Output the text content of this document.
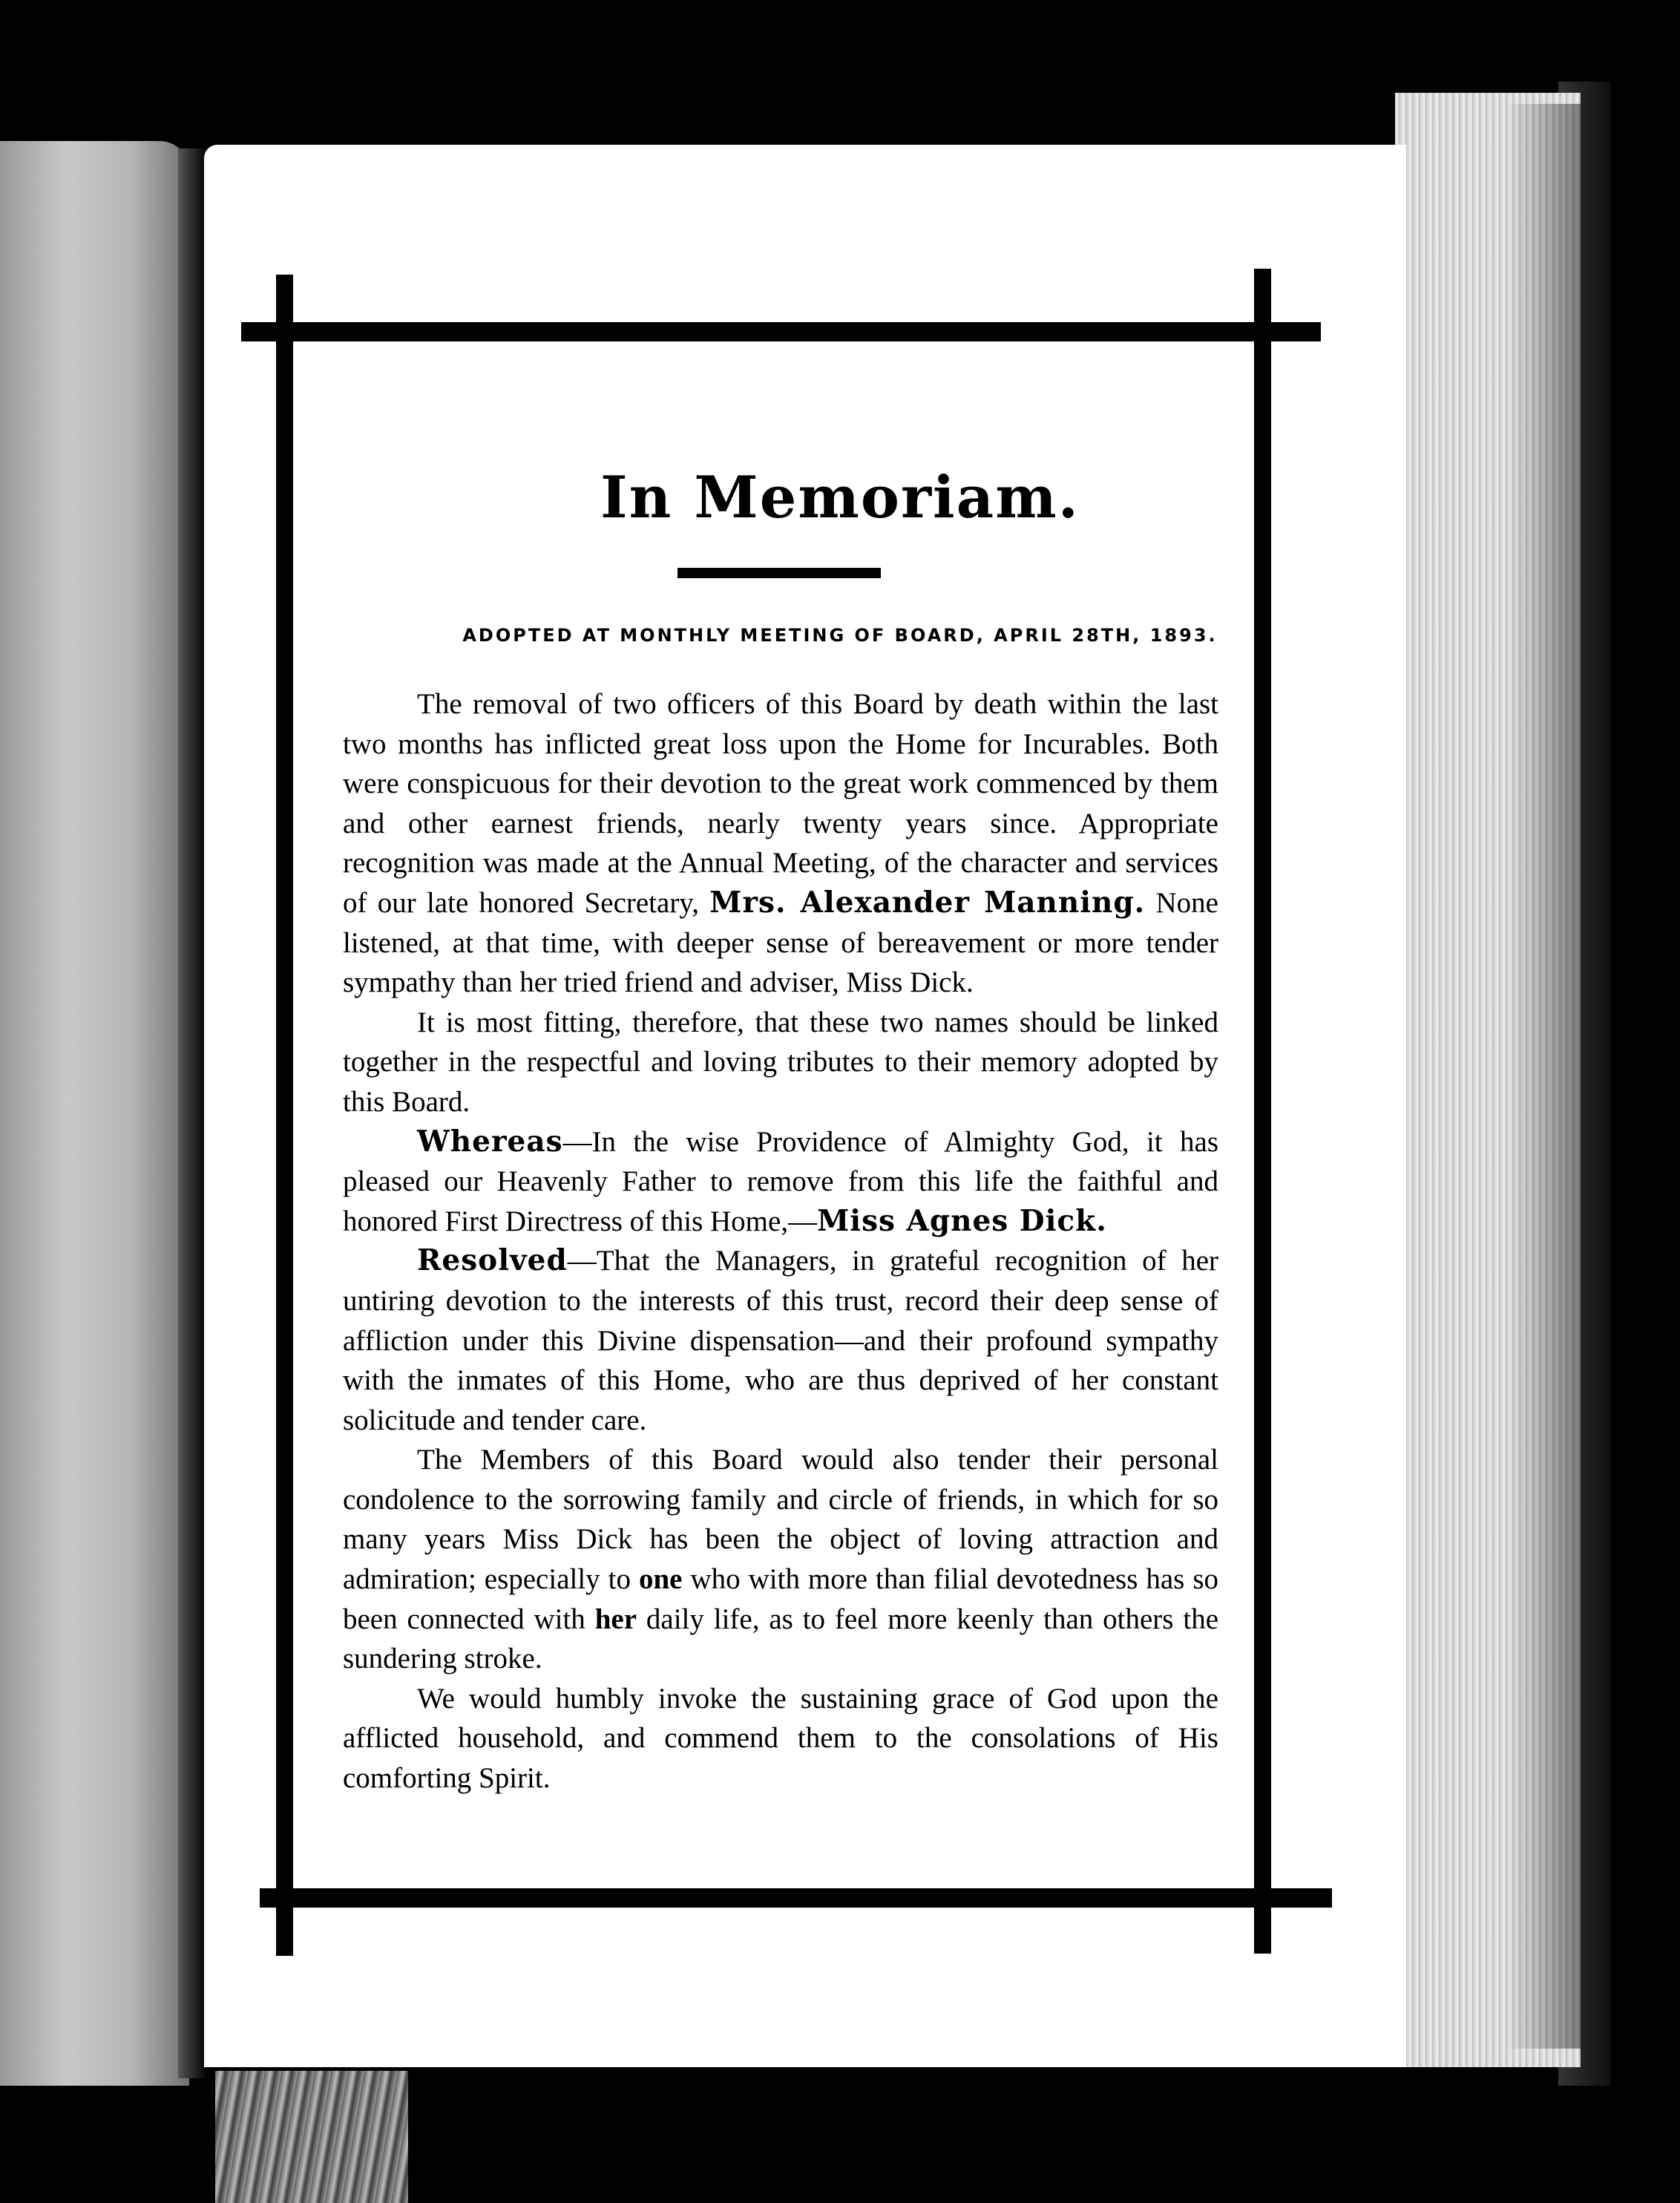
In Memoriam.
ADOPTED AT MONTHLY MEETING OF BOARD, APRIL 28TH, 1893.

The removal of two officers of this Board by death within the last two months has inflicted great loss upon the Home for Incurables. Both were conspicuous for their devotion to the great work commenced by them and other earnest friends, nearly twenty years since. Appropriate recognition was made at the Annual Meeting, of the character and services of our late honored Secretary, Mrs. Alexander Manning. None listened, at that time, with deeper sense of bereavement or more tender sympathy than her tried friend and adviser, Miss Dick.

It is most fitting, therefore, that these two names should be linked together in the respectful and loving tributes to their memory adopted by this Board.

Whereas—In the wise Providence of Almighty God, it has pleased our Heavenly Father to remove from this life the faithful and honored First Directress of this Home,—Miss Agnes Dick.

Resolved—That the Managers, in grateful recognition of her untiring devotion to the interests of this trust, record their deep sense of affliction under this Divine dispensation—and their profound sympathy with the inmates of this Home, who are thus deprived of her constant solicitude and tender care.

The Members of this Board would also tender their personal condolence to the sorrowing family and circle of friends, in which for so many years Miss Dick has been the object of loving attraction and admiration; especially to one who with more than filial devotedness has so been connected with her daily life, as to feel more keenly than others the sundering stroke.

We would humbly invoke the sustaining grace of God upon the afflicted household, and commend them to the consolations of His comforting Spirit.
